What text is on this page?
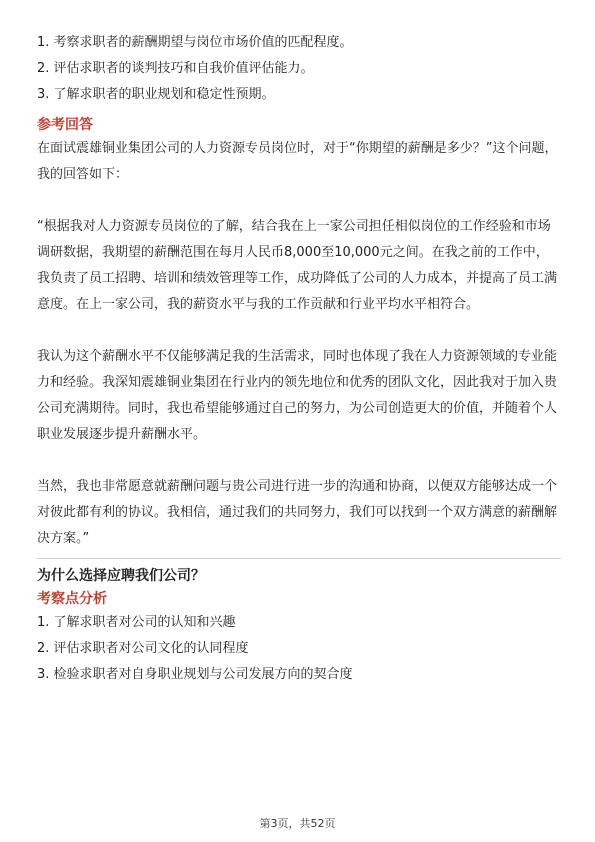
1. 考察求职者的薪酬期望与岗位市场价值的匹配程度。

2. 评估求职者的谈判技巧和自我价值评估能力。

3. 了解求职者的职业规划和稳定性预期。

参考回答

在面试震雄铜业集团公司的人力资源专员岗位时，对于“你期望的薪酬是多少？”这个问题，我的回答如下：

“根据我对人力资源专员岗位的了解，结合我在上一家公司担任相似岗位的工作经验和市场调研数据，我期望的薪酬范围在每月人民币8,000至10,000元之间。在我之前的工作中，我负责了员工招聘、培训和绩效管理等工作，成功降低了公司的人力成本，并提高了员工满意度。在上一家公司，我的薪资水平与我的工作贡献和行业平均水平相符合。

我认为这个薪酬水平不仅能够满足我的生活需求，同时也体现了我在人力资源领域的专业能力和经验。我深知震雄铜业集团在行业内的领先地位和优秀的团队文化，因此我对于加入贵公司充满期待。同时，我也希望能够通过自己的努力，为公司创造更大的价值，并随着个人职业发展逐步提升薪酬水平。

当然，我也非常愿意就薪酬问题与贵公司进行进一步的沟通和协商，以便双方能够达成一个对彼此都有利的协议。我相信，通过我们的共同努力，我们可以找到一个双方满意的薪酬解决方案。”

为什么选择应聘我们公司？

考察点分析

1. 了解求职者对公司的认知和兴趣

2. 评估求职者对公司文化的认同程度

3. 检验求职者对自身职业规划与公司发展方向的契合度

第3页，共52页
